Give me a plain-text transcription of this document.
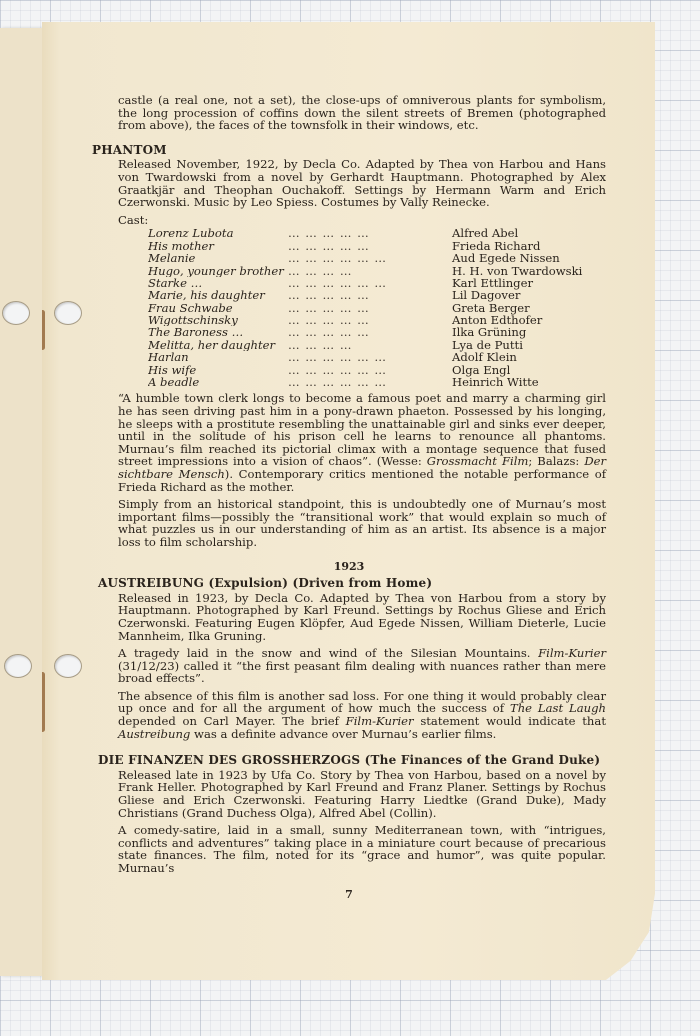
castle (a real one, not a set), the close-ups of omniverous plants for symbolism, the long procession of coffins down the silent streets of Bremen (photographed from above), the faces of the townsfolk in their windows, etc.

PHANTOM

Released November, 1922, by Decla Co. Adapted by Thea von Harbou and Hans von Twardowski from a novel by Gerhardt Hauptmann. Photographed by Alex Graatkjär and Theophan Ouchakoff. Settings by Hermann Warm and Erich Czerwonski. Music by Leo Spiess. Costumes by Vally Reinecke.

Cast:
Lorenz Lubota	… … … … …	Alfred Abel
His mother	… … … … …	Frieda Richard
Melanie	… … … … … …	Aud Egede Nissen
Hugo, younger brother … … … …	H. H. von Twardowski
Starke …	… … … … … …	Karl Ettlinger
Marie, his daughter	… … … … …	Lil Dagover
Frau Schwabe	… … … … …	Greta Berger
Wigottschinsky	… … … … …	Anton Edthofer
The Baroness …	… … … … …	Ilka Grüning
Melitta, her daughter	… … … …	Lya de Putti
Harlan	… … … … … …	Adolf Klein
His wife	… … … … … …	Olga Engl
A beadle	… … … … … …	Heinrich Witte

“A humble town clerk longs to become a famous poet and marry a charming girl he has seen driving past him in a pony-drawn phaeton. Possessed by his longing, he sleeps with a prostitute resembling the unattainable girl and sinks ever deeper, until in the solitude of his prison cell he learns to renounce all phantoms. Murnau’s film reached its pictorial climax with a montage sequence that fused street impressions into a vision of chaos”. (Wesse: Grossmacht Film; Balazs: Der sichtbare Mensch). Contemporary critics mentioned the notable performance of Frieda Richard as the mother.

Simply from an historical standpoint, this is undoubtedly one of Murnau’s most important films—possibly the “transitional work” that would explain so much of what puzzles us in our understanding of him as an artist. Its absence is a major loss to film scholarship.

1923
AUSTREIBUNG (Expulsion) (Driven from Home)

Released in 1923, by Decla Co. Adapted by Thea von Harbou from a story by Hauptmann. Photographed by Karl Freund. Settings by Rochus Gliese and Erich Czerwonski. Featuring Eugen Klöpfer, Aud Egede Nissen, William Dieterle, Lucie Mannheim, Ilka Gruning.

A tragedy laid in the snow and wind of the Silesian Mountains. Film-Kurier (31/12/23) called it “the first peasant film dealing with nuances rather than mere broad effects”.

The absence of this film is another sad loss. For one thing it would probably clear up once and for all the argument of how much the success of The Last Laugh depended on Carl Mayer. The brief Film-Kurier statement would indicate that Austreibung was a definite advance over Murnau’s earlier films.

DIE FINANZEN DES GROSSHERZOGS (The Finances of the Grand Duke)

Released late in 1923 by Ufa Co. Story by Thea von Harbou, based on a novel by Frank Heller. Photographed by Karl Freund and Franz Planer. Settings by Rochus Gliese and Erich Czerwonski. Featuring Harry Liedtke (Grand Duke), Mady Christians (Grand Duchess Olga), Alfred Abel (Collin).

A comedy-satire, laid in a small, sunny Mediterranean town, with “intrigues, conflicts and adventures” taking place in a miniature court because of precarious state finances. The film, noted for its “grace and humor”, was quite popular. Murnau’s

7
